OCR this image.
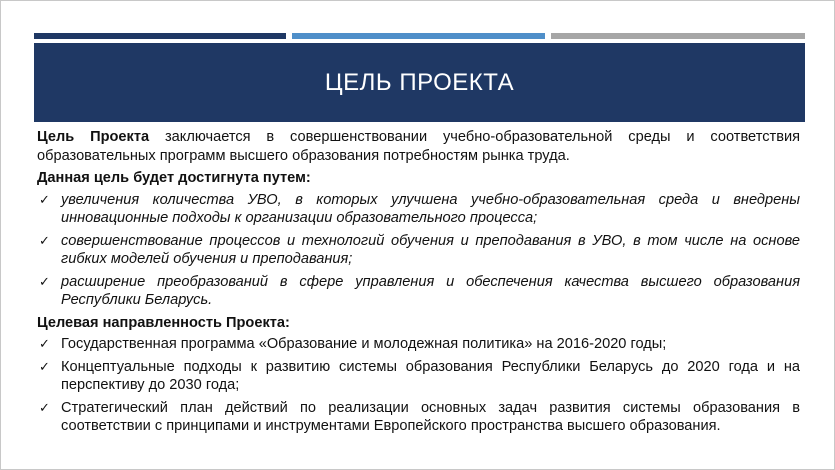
ЦЕЛЬ ПРОЕКТА

Цель Проекта заключается в совершенствовании учебно-образовательной среды и соответствия образовательных программ высшего образования потребностям рынка труда.

Данная цель будет достигнута путем:
✓ увеличения количества УВО, в которых улучшена учебно-образовательная среда и внедрены инновационные подходы к организации образовательного процесса;
✓ совершенствование процессов и технологий обучения и преподавания в УВО, в том числе на основе гибких моделей обучения и преподавания;
✓ расширение преобразований в сфере управления и обеспечения качества высшего образования Республики Беларусь.
Целевая направленность Проекта:
✓ Государственная программа «Образование и молодежная политика» на 2016-2020 годы;
✓ Концептуальные подходы к развитию системы образования Республики Беларусь до 2020 года и на перспективу до 2030 года;
✓ Стратегический план действий по реализации основных задач развития системы образования в соответствии с принципами и инструментами Европейского пространства высшего образования.
